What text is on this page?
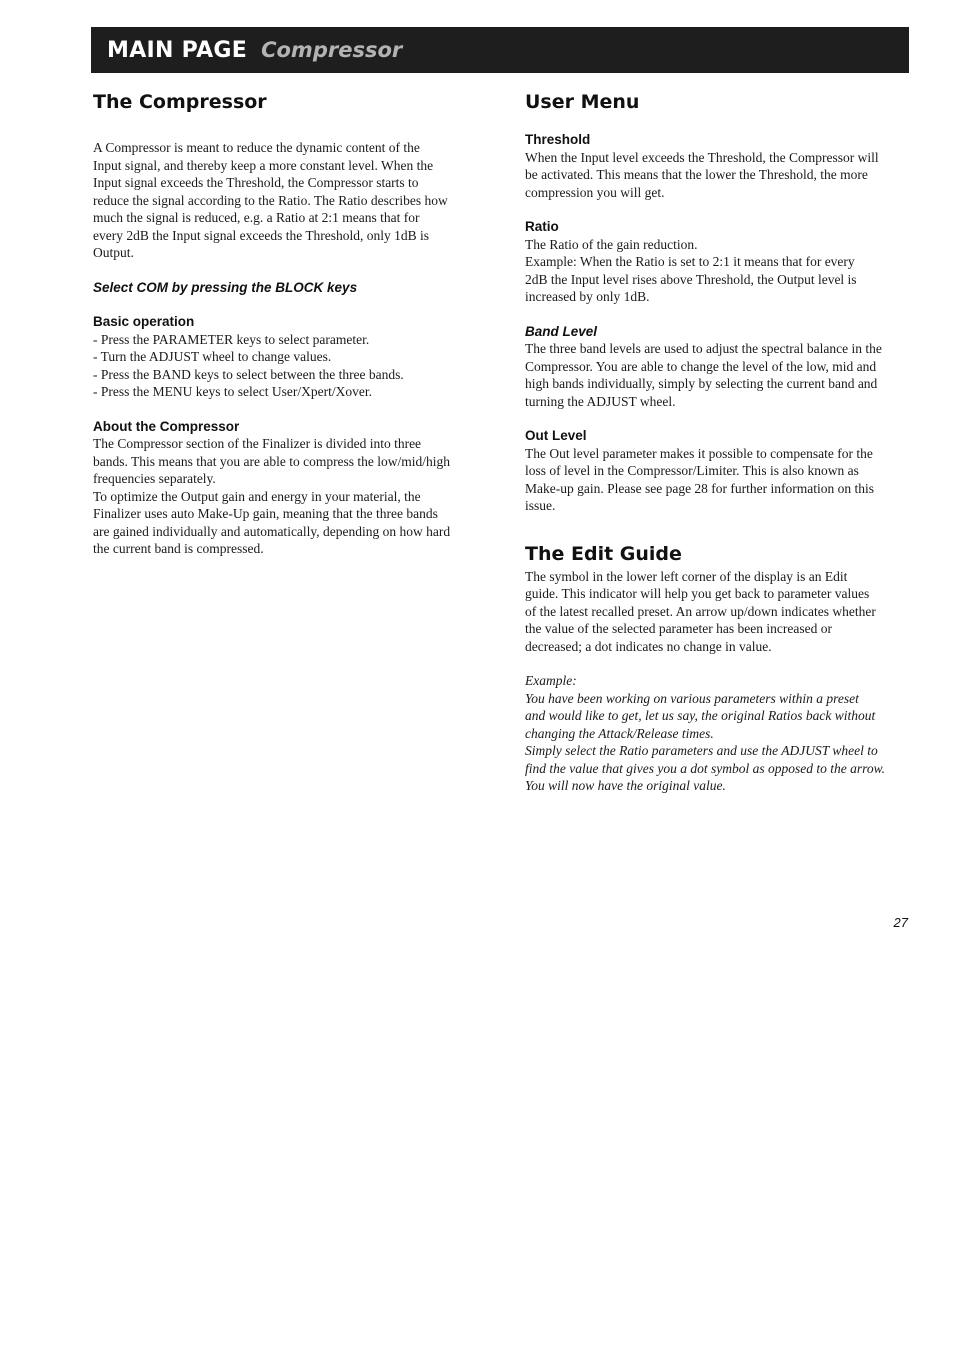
MAIN PAGE Compressor
The Compressor

A Compressor is meant to reduce the dynamic content of the

Input signal, and thereby keep a more constant level. When the

Input signal exceeds the Threshold, the Compressor starts to

reduce the signal according to the Ratio. The Ratio describes how

much the signal is reduced, e.g. a Ratio at 2:1 means that for

every 2dB the Input signal exceeds the Threshold, only 1dB is

Output.

Select COM by pressing the BLOCK keys
Basic operation

- Press the PARAMETER keys to select parameter.

- Turn the ADJUST wheel to change values.

- Press the BAND keys to select between the three bands.

- Press the MENU keys to select User/Xpert/Xover.

About the Compressor

The Compressor section of the Finalizer is divided into three

bands. This means that you are able to compress the low/mid/high

frequencies separately.

To optimize the Output gain and energy in your material, the

Finalizer uses auto Make-Up gain, meaning that the three bands

are gained individually and automatically, depending on how hard

the current band is compressed.

User Menu
Threshold

When the Input level exceeds the Threshold, the Compressor will

be activated. This means that the lower the Threshold, the more

compression you will get.

Ratio

The Ratio of the gain reduction.

Example: When the Ratio is set to 2:1 it means that for every

2dB the Input level rises above Threshold, the Output level is

increased by only 1dB.

Band Level

The three band levels are used to adjust the spectral balance in the

Compressor. You are able to change the level of the low, mid and

high bands individually, simply by selecting the current band and

turning the ADJUST wheel.

Out Level

The Out level parameter makes it possible to compensate for the

loss of level in the Compressor/Limiter. This is also known as

Make-up gain. Please see page 28 for further information on this

issue.

The Edit Guide

The symbol in the lower left corner of the display is an Edit

guide. This indicator will help you get back to parameter values

of the latest recalled preset. An arrow up/down indicates whether

the value of the selected parameter has been increased or

decreased; a dot indicates no change in value.

Example:

You have been working on various parameters within a preset

and would like to get, let us say, the original Ratios back without

changing the Attack/Release times.

Simply select the Ratio parameters and use the ADJUST wheel to

find the value that gives you a dot symbol as opposed to the arrow.

You will now have the original value.

27
